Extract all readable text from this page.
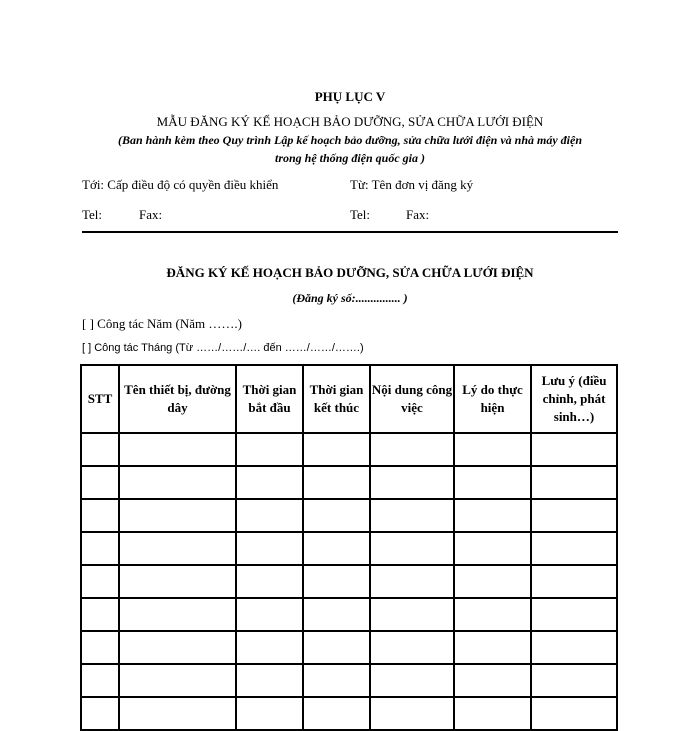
PHỤ LỤC V
MẪU ĐĂNG KÝ KẾ HOẠCH BẢO DƯỠNG, SỬA CHỮA LƯỚI ĐIỆN
(Ban hành kèm theo Quy trình Lập kế hoạch bảo dưỡng, sửa chữa lưới điện và nhà máy điện
trong hệ thống điện quốc gia )
Tới: Cấp điều độ có quyền điều khiển	Từ: Tên đơn vị đăng ký
Tel:	Fax:	Tel:	Fax:
ĐĂNG KÝ KẾ HOẠCH BẢO DƯỠNG, SỬA CHỮA LƯỚI ĐIỆN
(Đăng ký số:............... )
[ ] Công tác Năm (Năm …….)
[ ] Công tác Tháng (Từ ……/……/…. đến ……/……/…….)
STT	Tên thiết bị, đường dây	Thời gian bắt đầu	Thời gian kết thúc	Nội dung công việc	Lý do thực hiện	Lưu ý (điều chỉnh, phát sinh…)
